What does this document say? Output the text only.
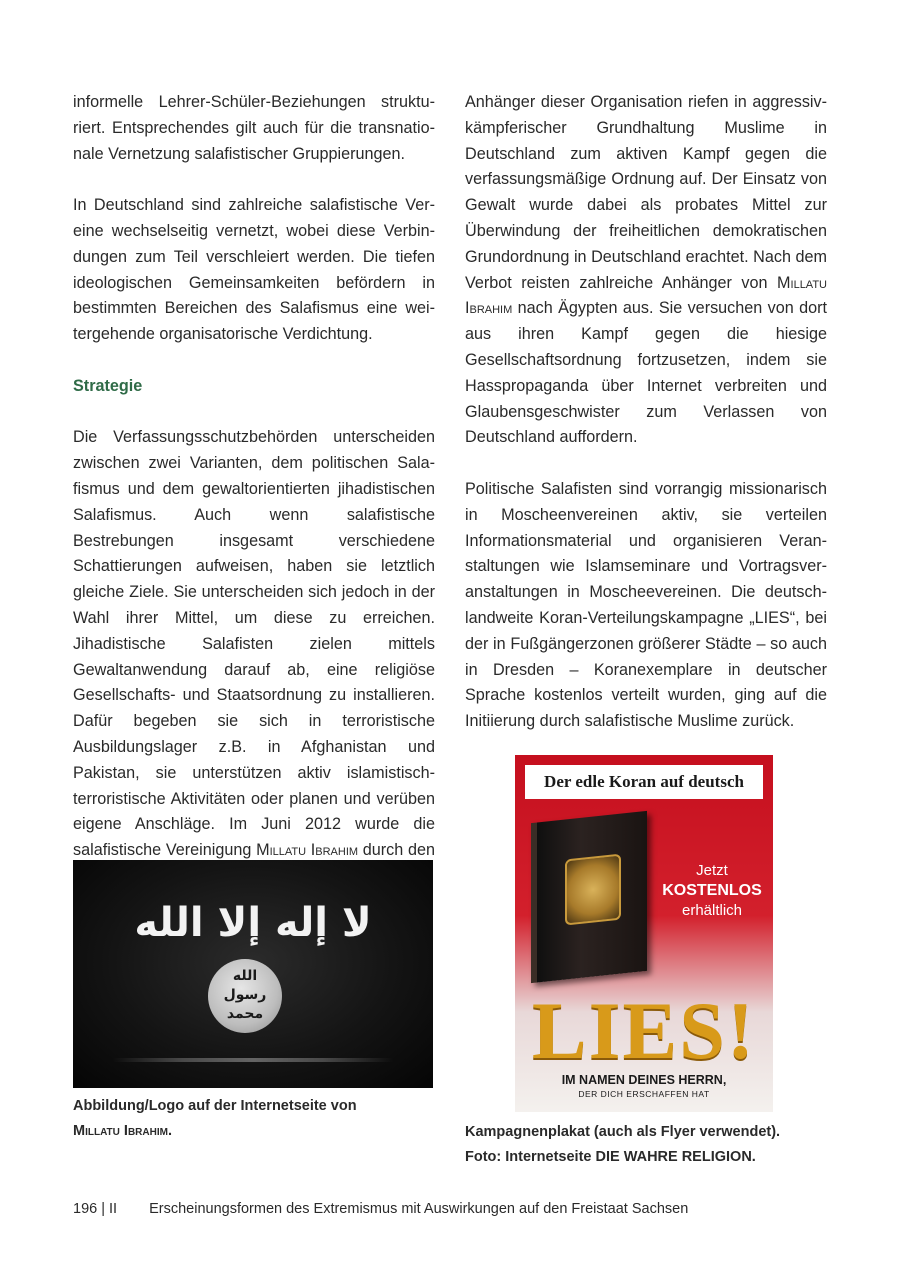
informelle Lehrer-Schüler-Beziehungen strukturiert. Entsprechendes gilt auch für die transnationale Vernetzung salafistischer Gruppierungen.

In Deutschland sind zahlreiche salafistische Vereine wechselseitig vernetzt, wobei diese Verbindungen zum Teil verschleiert werden. Die tiefen ideologischen Gemeinsamkeiten befördern in bestimmten Bereichen des Salafismus eine weitergehende organisatorische Verdichtung.

Strategie

Die Verfassungsschutzbehörden unterscheiden zwischen zwei Varianten, dem politischen Salafismus und dem gewaltorientierten jihadistischen Salafismus. Auch wenn salafistische Bestrebungen insgesamt verschiedene Schattierungen aufweisen, haben sie letztlich gleiche Ziele. Sie unterscheiden sich jedoch in der Wahl ihrer Mittel, um diese zu erreichen. Jihadistische Salafisten zielen mittels Gewaltanwendung darauf ab, eine religiöse Gesellschafts- und Staatsordnung zu installieren. Dafür begeben sie sich in terroristische Ausbildungslager z.B. in Afghanistan und Pakistan, sie unterstützen aktiv islamistisch-terroristische Aktivitäten oder planen und verüben eigene Anschläge. Im Juni 2012 wurde die salafistische Vereinigung Millatu Ibrahim durch den

Anhänger dieser Organisation riefen in aggressiv-kämpferischer Grundhaltung Muslime in Deutschland zum aktiven Kampf gegen die verfassungsmäßige Ordnung auf. Der Einsatz von Gewalt wurde dabei als probates Mittel zur Überwindung der freiheitlichen demokratischen Grundordnung in Deutschland erachtet. Nach dem Verbot reisten zahlreiche Anhänger von Millatu Ibrahim nach Ägypten aus. Sie versuchen von dort aus ihren Kampf gegen die hiesige Gesellschaftsordnung fortzusetzen, indem sie Hasspropaganda über Internet verbreiten und Glaubensgeschwister zum Verlassen von Deutschland auffordern.

Politische Salafisten sind vorrangig missionarisch in Moscheenvereinen aktiv, sie verteilen Informationsmaterial und organisieren Veranstaltungen wie Islamseminare und Vortragsveranstaltungen in Moscheevereinen. Die deutschlandweite Koran-Verteilungskampagne „LIES“, bei der in Fußgängerzonen größerer Städte – so auch in Dresden – Koranexemplare in deutscher Sprache kostenlos verteilt wurden, ging auf die Initiierung durch salafistische Muslime zurück.

لا إله إلا الله
الله
رسول
محمد

Abbildung/Logo auf der Internetseite von

Millatu Ibrahim.

Der edle Koran auf deutsch
Jetzt
KOSTENLOS
erhältlich
LIES!
IM NAMEN DEINES HERRN,
DER DICH ERSCHAFFEN HAT

Kampagnenplakat (auch als Flyer verwendet).

Foto: Internetseite DIE WAHRE RELIGION.

196 | II Erscheinungsformen des Extremismus mit Auswirkungen auf den Freistaat Sachsen
